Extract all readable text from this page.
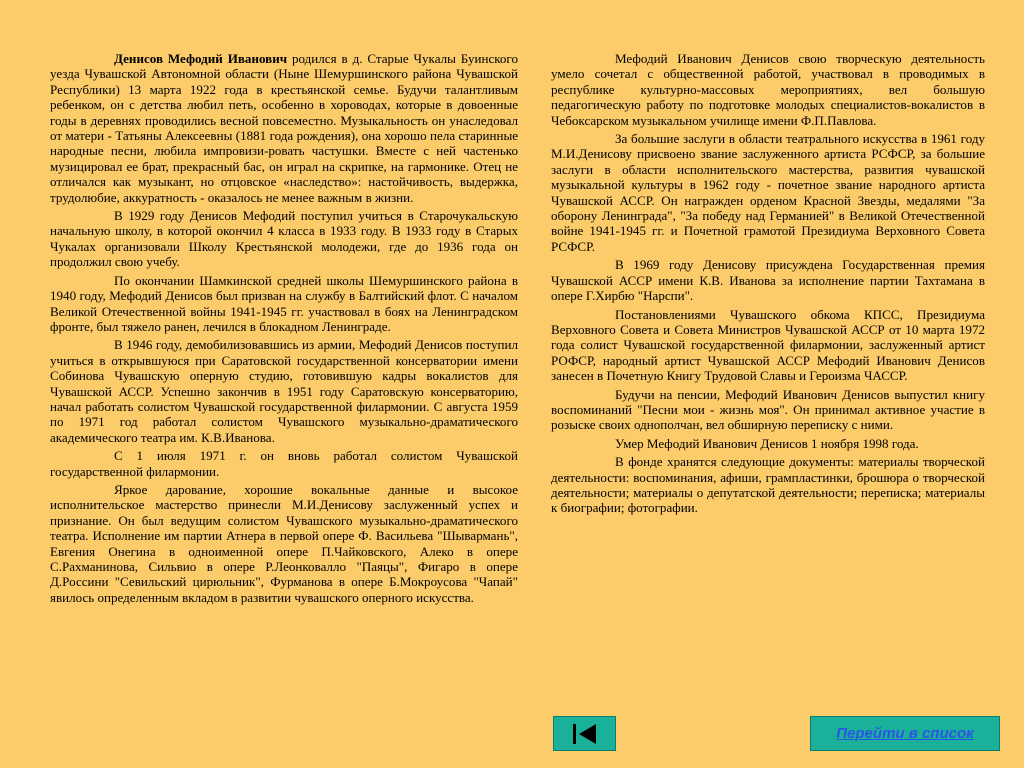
Денисов Мефодий Иванович родился в д. Старые Чукалы Буинского уезда Чувашской Автономной области (Ныне Шемуршинского района Чувашской Республики) 13 марта 1922 года в крестьянской семье. Будучи талантливым ребенком, он с детства любил петь, особенно в хороводах, которые в довоенные годы в деревнях проводились весной повсеместно. Музыкальность он унаследовал от матери - Татьяны Алексеевны (1881 года рождения), она хорошо пела старинные народные песни, любила импровизи-ровать частушки. Вместе с ней частенько музицировал ее брат, прекрасный бас, он играл на скрипке, на гармонике. Отец не отличался как музыкант, но отцовское «наследство»: настойчивость, выдержка, трудолюбие, аккуратность - оказалось не менее важным в жизни.

В 1929 году Денисов Мефодий поступил учиться в Старочукальскую начальную школу, в которой окончил 4 класса в 1933 году. В 1933 году в Старых Чукалах организовали Школу Крестьянской молодежи, где до 1936 года он продолжил свою учебу.

По окончании Шамкинской средней школы Шемуршинского района в 1940 году, Мефодий Денисов был призван на службу в Балтийский флот. С началом Великой Отечественной войны 1941-1945 гг. участвовал в боях на Ленинградском фронте, был тяжело ранен, лечился в блокадном Ленинграде.

В 1946 году, демобилизовавшись из армии, Мефодий Денисов поступил учиться в открывшуюся при Саратовской государственной консерватории имени Собинова Чувашскую оперную студию, готовившую кадры вокалистов для Чувашской АССР. Успешно закончив в 1951 году Саратовскую консерваторию, начал работать солистом Чувашской государственной филармонии. С августа 1959 по 1971 год работал солистом Чувашского музыкально-драматического академического театра им. К.В.Иванова.

С 1 июля 1971 г. он вновь работал солистом Чувашской государственной филармонии.

Яркое дарование, хорошие вокальные данные и высокое исполнительское мастерство принесли М.И.Денисову заслуженный успех и признание. Он был ведущим солистом Чувашского музыкально-драматического театра. Исполнение им партии Атнера в первой опере Ф. Васильева "Шывармань", Евгения Онегина в одноименной опере П.Чайковского, Алеко в опере С.Рахманинова, Сильвио в опере Р.Леонковалло "Паяцы", Фигаро в опере Д.Россини "Севильский цирюльник", Фурманова в опере Б.Мокроусова "Чапай" явилось определенным вкладом в развитии чувашского оперного искусства.

Мефодий Иванович Денисов свою творческую деятельность умело сочетал с общественной работой, участвовал в проводимых в республике культурно-массовых мероприятиях, вел большую педагогическую работу по подготовке молодых специалистов-вокалистов в Чебоксарском музыкальном училище имени Ф.П.Павлова.

За большие заслуги в области театрального искусства в 1961 году М.И.Денисову присвоено звание заслуженного артиста РСФСР, за большие заслуги в области исполнительского мастерства, развития чувашской музыкальной культуры в 1962 году - почетное звание народного артиста Чувашской АССР. Он награжден орденом Красной Звезды, медалями "За оборону Ленинграда", "За победу над Германией" в Великой Отечественной войне 1941-1945 гг. и Почетной грамотой Президиума Верховного Совета РСФСР.

В 1969 году Денисову присуждена Государственная премия Чувашской АССР имени К.В. Иванова за исполнение партии Тахтамана в опере Г.Хирбю "Нарспи".

Постановлениями Чувашского обкома КПСС, Президиума Верховного Совета и Совета Министров Чувашской АССР от 10 марта 1972 года солист Чувашской государственной филармонии, заслуженный артист РОФСР, народный артист Чувашской АССР Мефодий Иванович Денисов занесен в Почетную Книгу Трудовой Славы и Героизма ЧАССР.

Будучи на пенсии, Мефодий Иванович Денисов выпустил книгу воспоминаний "Песни мои - жизнь моя". Он принимал активное участие в розыске своих однополчан, вел обширную переписку с ними.

Умер Мефодий Иванович Денисов 1 ноября 1998 года.

В фонде хранятся следующие документы: материалы творческой деятельности: воспоминания, афиши, грампластинки, брошюра о творческой деятельности; материалы о депутатской деятельности; переписка; материалы к биографии; фотографии.

Перейти в список
